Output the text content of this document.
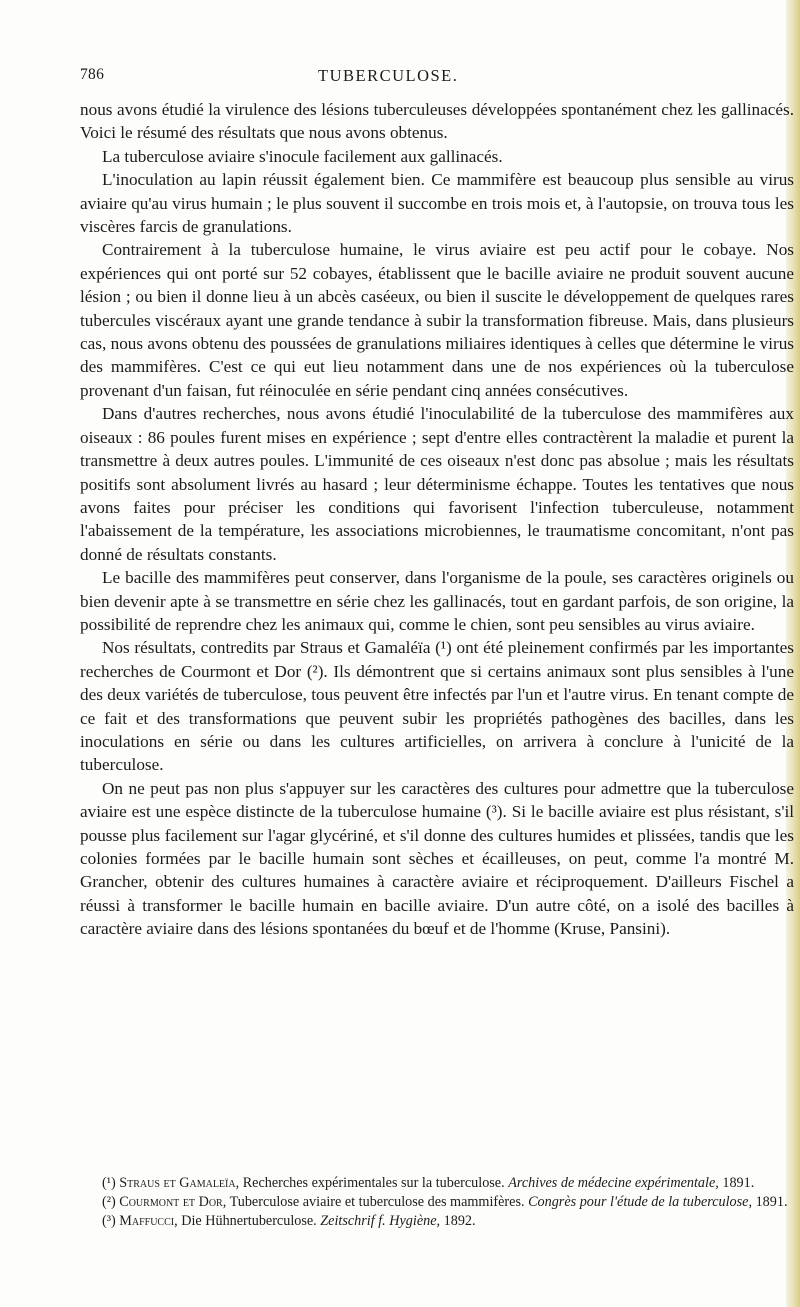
786	TUBERCULOSE.

nous avons étudié la virulence des lésions tuberculeuses développées spontanément chez les gallinacés. Voici le résumé des résultats que nous avons obtenus.

La tuberculose aviaire s'inocule facilement aux gallinacés.

L'inoculation au lapin réussit également bien. Ce mammifère est beaucoup plus sensible au virus aviaire qu'au virus humain ; le plus souvent il succombe en trois mois et, à l'autopsie, on trouva tous les viscères farcis de granulations.

Contrairement à la tuberculose humaine, le virus aviaire est peu actif pour le cobaye. Nos expériences qui ont porté sur 52 cobayes, établissent que le bacille aviaire ne produit souvent aucune lésion ; ou bien il donne lieu à un abcès caséeux, ou bien il suscite le développement de quelques rares tubercules viscéraux ayant une grande tendance à subir la transformation fibreuse. Mais, dans plusieurs cas, nous avons obtenu des poussées de granulations miliaires identiques à celles que détermine le virus des mammifères. C'est ce qui eut lieu notamment dans une de nos expériences où la tuberculose provenant d'un faisan, fut réinoculée en série pendant cinq années consécutives.

Dans d'autres recherches, nous avons étudié l'inoculabilité de la tuberculose des mammifères aux oiseaux : 86 poules furent mises en expérience ; sept d'entre elles contractèrent la maladie et purent la transmettre à deux autres poules. L'immunité de ces oiseaux n'est donc pas absolue ; mais les résultats positifs sont absolument livrés au hasard ; leur déterminisme échappe. Toutes les tentatives que nous avons faites pour préciser les conditions qui favorisent l'infection tuberculeuse, notamment l'abaissement de la température, les associations microbiennes, le traumatisme concomitant, n'ont pas donné de résultats constants.

Le bacille des mammifères peut conserver, dans l'organisme de la poule, ses caractères originels ou bien devenir apte à se transmettre en série chez les gallinacés, tout en gardant parfois, de son origine, la possibilité de reprendre chez les animaux qui, comme le chien, sont peu sensibles au virus aviaire.

Nos résultats, contredits par Straus et Gamaléïa (¹) ont été pleinement confirmés par les importantes recherches de Courmont et Dor (²). Ils démontrent que si certains animaux sont plus sensibles à l'une des deux variétés de tuberculose, tous peuvent être infectés par l'un et l'autre virus. En tenant compte de ce fait et des transformations que peuvent subir les propriétés pathogènes des bacilles, dans les inoculations en série ou dans les cultures artificielles, on arrivera à conclure à l'unicité de la tuberculose.

On ne peut pas non plus s'appuyer sur les caractères des cultures pour admettre que la tuberculose aviaire est une espèce distincte de la tuberculose humaine (³). Si le bacille aviaire est plus résistant, s'il pousse plus facilement sur l'agar glycériné, et s'il donne des cultures humides et plissées, tandis que les colonies formées par le bacille humain sont sèches et écailleuses, on peut, comme l'a montré M. Grancher, obtenir des cultures humaines à caractère aviaire et réciproquement. D'ailleurs Fischel a réussi à transformer le bacille humain en bacille aviaire. D'un autre côté, on a isolé des bacilles à caractère aviaire dans des lésions spontanées du bœuf et de l'homme (Kruse, Pansini).

(¹) Straus et Gamaleïa, Recherches expérimentales sur la tuberculose. Archives de médecine expérimentale, 1891.

(²) Courmont et Dor, Tuberculose aviaire et tuberculose des mammifères. Congrès pour l'étude de la tuberculose, 1891.

(³) Maffucci, Die Hühnertuberculose. Zeitschrif f. Hygiène, 1892.
